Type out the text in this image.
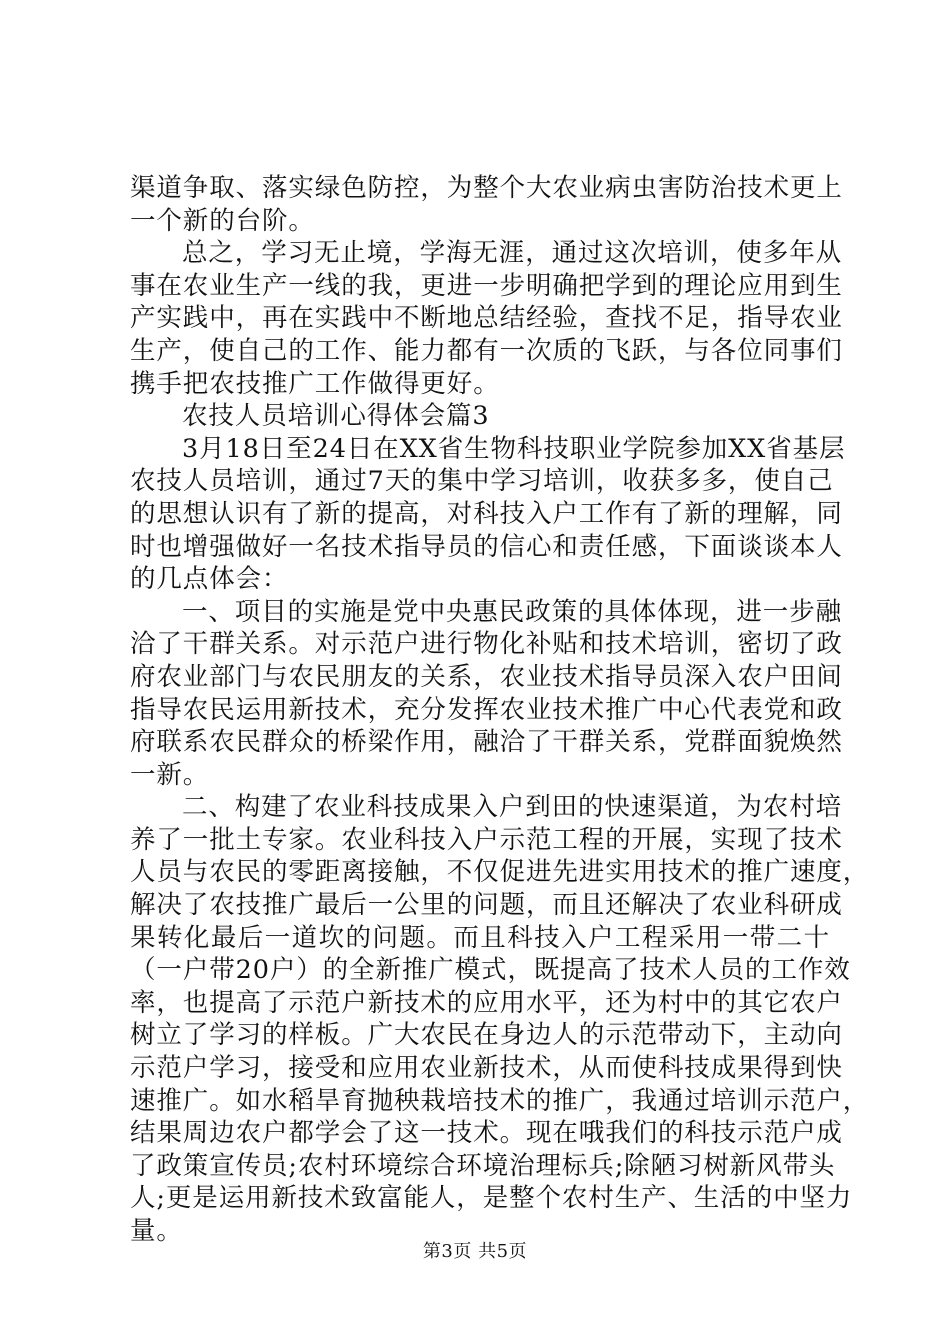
渠道争取、落实绿色防控，为整个大农业病虫害防治技术更上
一个新的台阶。
总之，学习无止境，学海无涯，通过这次培训，使多年从
事在农业生产一线的我，更进一步明确把学到的理论应用到生
产实践中，再在实践中不断地总结经验，查找不足，指导农业
生产，使自己的工作、能力都有一次质的飞跃，与各位同事们
携手把农技推广工作做得更好。
农技人员培训心得体会篇3
3月18日至24日在XX省生物科技职业学院参加XX省基层
农技人员培训，通过7天的集中学习培训，收获多多，使自己
的思想认识有了新的提高，对科技入户工作有了新的理解，同
时也增强做好一名技术指导员的信心和责任感，下面谈谈本人
的几点体会：
一、项目的实施是党中央惠民政策的具体体现，进一步融
洽了干群关系。对示范户进行物化补贴和技术培训，密切了政
府农业部门与农民朋友的关系，农业技术指导员深入农户田间
指导农民运用新技术，充分发挥农业技术推广中心代表党和政
府联系农民群众的桥梁作用，融洽了干群关系，党群面貌焕然
一新。
二、构建了农业科技成果入户到田的快速渠道，为农村培
养了一批土专家。农业科技入户示范工程的开展，实现了技术
人员与农民的零距离接触，不仅促进先进实用技术的推广速度，
解决了农技推广最后一公里的问题，而且还解决了农业科研成
果转化最后一道坎的问题。而且科技入户工程采用一带二十
（一户带20户）的全新推广模式，既提高了技术人员的工作效
率，也提高了示范户新技术的应用水平，还为村中的其它农户
树立了学习的样板。广大农民在身边人的示范带动下，主动向
示范户学习，接受和应用农业新技术，从而使科技成果得到快
速推广。如水稻旱育抛秧栽培技术的推广，我通过培训示范户，
结果周边农户都学会了这一技术。现在哦我们的科技示范户成
了政策宣传员;农村环境综合环境治理标兵;除陋习树新风带头
人;更是运用新技术致富能人，是整个农村生产、生活的中坚力
量。
第3页 共5页
